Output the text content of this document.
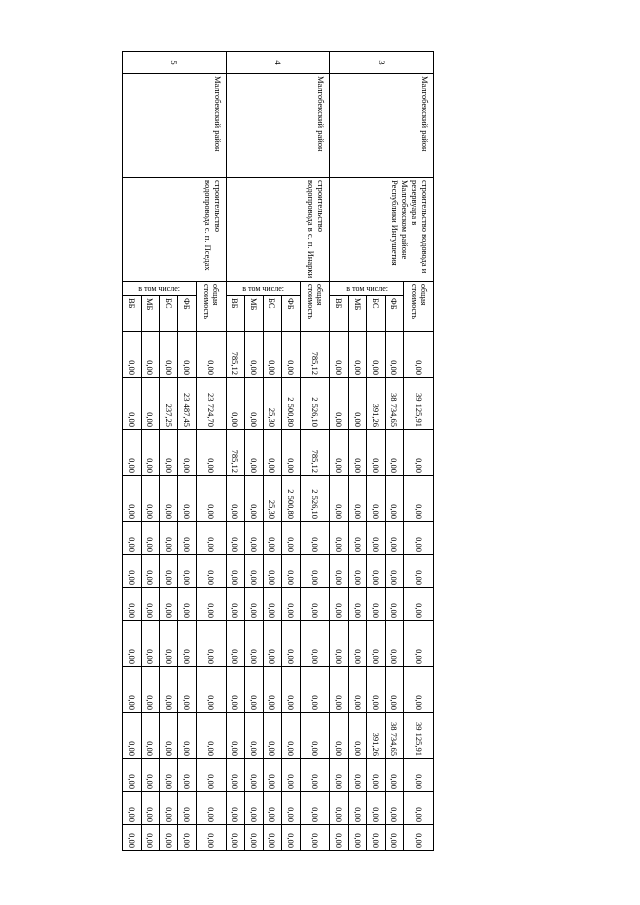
3	Малгобекский район	строительство водовода и резервуара в Малгобекском районе Республики Ингушетия	общая стоимость		0,00	39 125,91	0,00	0,00	0,00	0,00	0,00	0,00	0,00	39 125,91	0,00	0,00	0,00	

			в том числе:	ФБ	0,00	38 734,65	0,00	0,00	0,00	0,00	0,00	0,00	0,00	38 734,65	0,00	0,00	0,00	
				БС	0,00	391,26	0,00	0,00	0,00	0,00	0,00	0,00	0,00	391,26	0,00	0,00	0,00	
				МБ	0,00	0,00	0,00	0,00	0,00	0,00	0,00	0,00	0,00	0,00	0,00	0,00	0,00	
				ВБ	0,00	0,00	0,00	0,00	0,00	0,00	0,00	0,00	0,00	0,00	0,00	0,00	0,00	
4	Малгобекский район	строительство водопровода в с. п. Инарки	общая стоимость		785,12	2 526,10	785,12	2 526,10	0,00	0,00	0,00	0,00	0,00	0,00	0,00	0,00	0,00	

			в том числе:	ФБ	0,00	2 500,80	0,00	2 500,80	0,00	0,00	0,00	0,00	0,00	0,00	0,00	0,00	0,00	
				БС	0,00	25,30	0,00	25,30	0,00	0,00	0,00	0,00	0,00	0,00	0,00	0,00	0,00	
				МБ	0,00	0,00	0,00	0,00	0,00	0,00	0,00	0,00	0,00	0,00	0,00	0,00	0,00	
				ВБ	785,12	0,00	785,12	0,00	0,00	0,00	0,00	0,00	0,00	0,00	0,00	0,00	0,00	
5	Малгобекский район	строительство водопровода с. п. Пседах	общая стоимость		0,00	23 724,70	0,00	0,00	0,00	0,00	0,00	0,00	0,00	0,00	0,00	0,00	0,00	

			в том числе:	ФБ	0,00	23 487,45	0,00	0,00	0,00	0,00	0,00	0,00	0,00	0,00	0,00	0,00	0,00	
				БС	0,00	237,25	0,00	0,00	0,00	0,00	0,00	0,00	0,00	0,00	0,00	0,00	0,00	
				МБ	0,00	0,00	0,00	0,00	0,00	0,00	0,00	0,00	0,00	0,00	0,00	0,00	0,00	
				ВБ	0,00	0,00	0,00	0,00	0,00	0,00	0,00	0,00	0,00	0,00	0,00	0,00	0,00	
